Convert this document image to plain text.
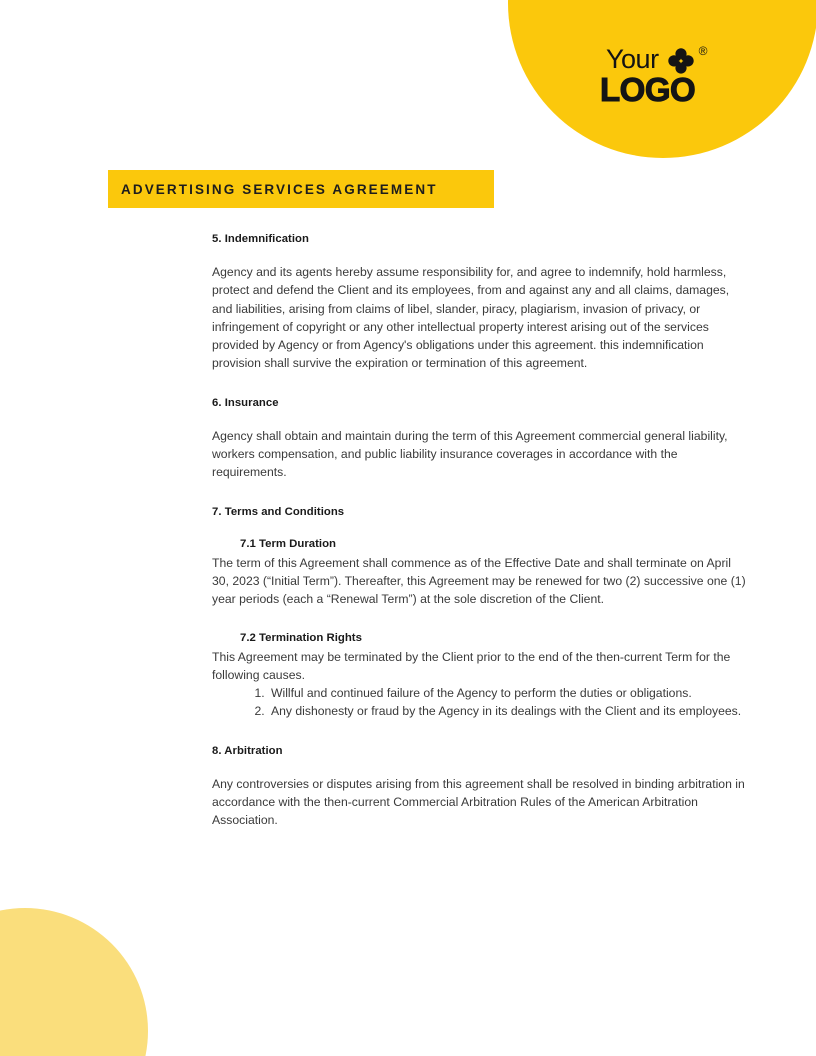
Your	®
LOGO
ADVERTISING SERVICES AGREEMENT
5. Indemnification

Agency and its agents hereby assume responsibility for, and agree to indemnify, hold harmless, protect and defend the Client and its employees, from and against any and all claims, damages, and liabilities, arising from claims of libel, slander, piracy, plagiarism, invasion of privacy, or infringement of copyright or any other intellectual property interest arising out of the services provided by Agency or from Agency's obligations under this agreement. this indemnification provision shall survive the expiration or termination of this agreement.

6. Insurance

Agency shall obtain and maintain during the term of this Agreement commercial general liability, workers compensation, and public liability insurance coverages in accordance with the requirements.

7. Terms and Conditions
7.1 Term Duration

The term of this Agreement shall commence as of the Effective Date and shall terminate on April 30, 2023 (“Initial Term”). Thereafter, this Agreement may be renewed for two (2) successive one (1) year periods (each a “Renewal Term”) at the sole discretion of the Client.

7.2 Termination Rights

This Agreement may be terminated by the Client prior to the end of the then-current Term for the following causes.

1. Willful and continued failure of the Agency to perform the duties or obligations.
2. Any dishonesty or fraud by the Agency in its dealings with the Client and its employees.
8. Arbitration

Any controversies or disputes arising from this agreement shall be resolved in binding arbitration in accordance with the then-current Commercial Arbitration Rules of the American Arbitration Association.
